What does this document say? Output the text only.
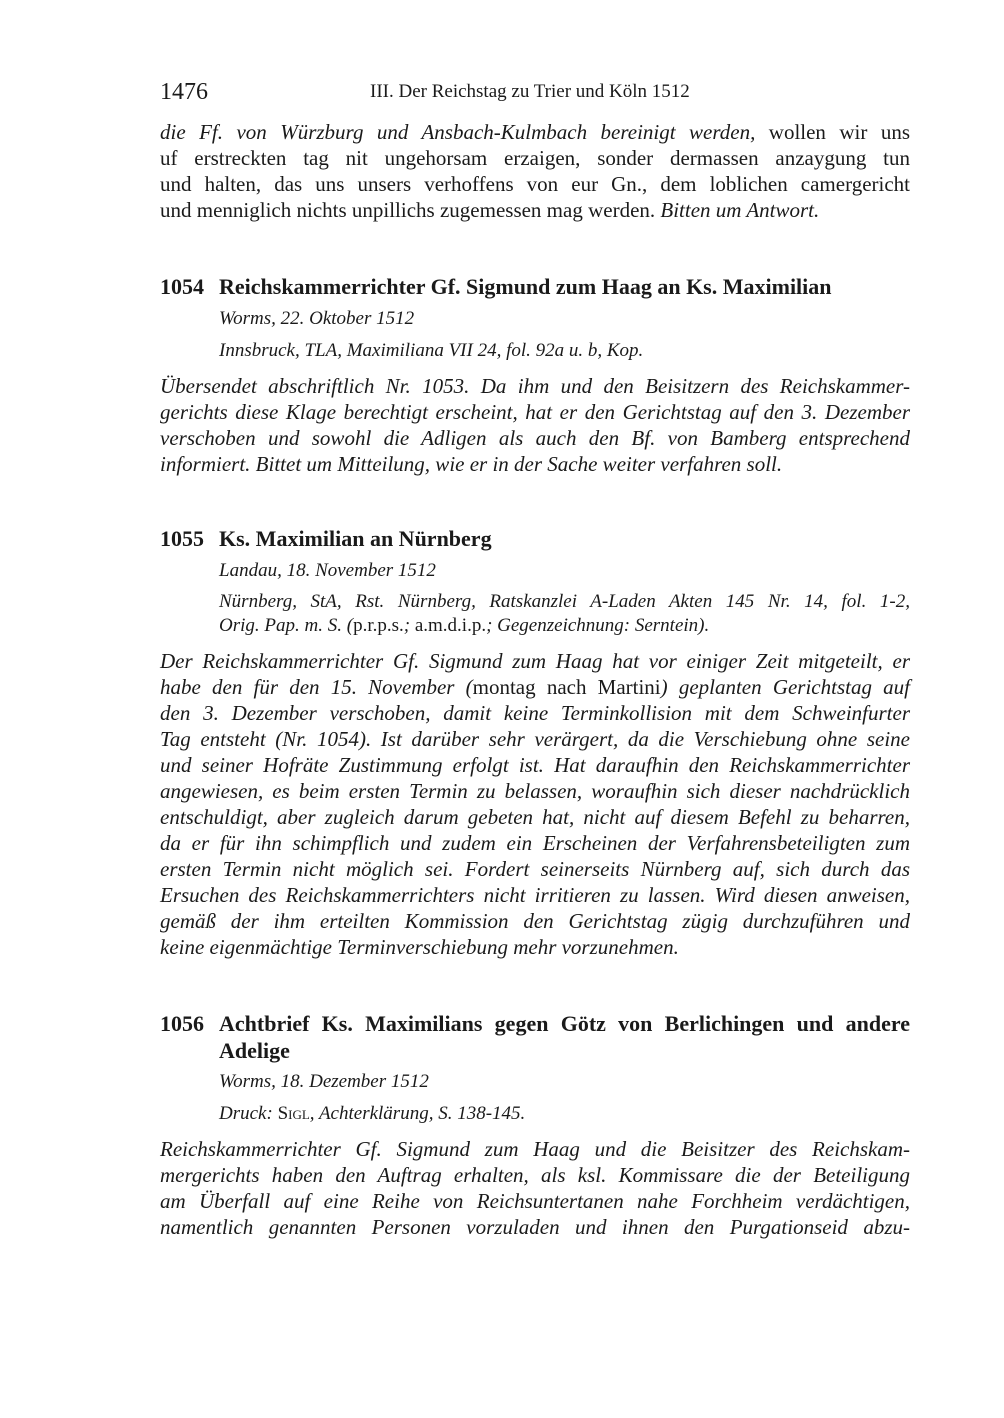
1476	III. Der Reichstag zu Trier und Köln 1512
die Ff. von Würzburg und Ansbach-Kulmbach bereinigt werden, wollen wir uns
uf erstreckten tag nit ungehorsam erzaigen, sonder dermassen anzaygung tun
und halten, das uns unsers verhoffens von eur Gn., dem loblichen camergericht
und menniglich nichts unpillichs zugemessen mag werden. Bitten um Antwort.
1054 Reichskammerrichter Gf. Sigmund zum Haag an Ks. Maximilian
Worms, 22. Oktober 1512
Innsbruck, TLA, Maximiliana VII 24, fol. 92a u. b, Kop.
Übersendet abschriftlich Nr. 1053. Da ihm und den Beisitzern des Reichskammer-
gerichts diese Klage berechtigt erscheint, hat er den Gerichtstag auf den 3. Dezember
verschoben und sowohl die Adligen als auch den Bf. von Bamberg entsprechend
informiert. Bittet um Mitteilung, wie er in der Sache weiter verfahren soll.
1055 Ks. Maximilian an Nürnberg
Landau, 18. November 1512
Nürnberg, StA, Rst. Nürnberg, Ratskanzlei A-Laden Akten 145 Nr. 14, fol. 1-2,
Orig. Pap. m. S. (p.r.p.s.; a.m.d.i.p.; Gegenzeichnung: Serntein).
Der Reichskammerrichter Gf. Sigmund zum Haag hat vor einiger Zeit mitgeteilt, er
habe den für den 15. November (montag nach Martini) geplanten Gerichtstag auf
den 3. Dezember verschoben, damit keine Terminkollision mit dem Schweinfurter
Tag entsteht (Nr. 1054). Ist darüber sehr verärgert, da die Verschiebung ohne seine
und seiner Hofräte Zustimmung erfolgt ist. Hat daraufhin den Reichskammerrichter
angewiesen, es beim ersten Termin zu belassen, woraufhin sich dieser nachdrücklich
entschuldigt, aber zugleich darum gebeten hat, nicht auf diesem Befehl zu beharren,
da er für ihn schimpflich und zudem ein Erscheinen der Verfahrensbeteiligten zum
ersten Termin nicht möglich sei. Fordert seinerseits Nürnberg auf, sich durch das
Ersuchen des Reichskammerrichters nicht irritieren zu lassen. Wird diesen anweisen,
gemäß der ihm erteilten Kommission den Gerichtstag zügig durchzuführen und
keine eigenmächtige Terminverschiebung mehr vorzunehmen.
1056 Achtbrief Ks. Maximilians gegen Götz von Berlichingen und andere
Adelige
Worms, 18. Dezember 1512
Druck: Sigl, Achterklärung, S. 138-145.
Reichskammerrichter Gf. Sigmund zum Haag und die Beisitzer des Reichskam-
mergerichts haben den Auftrag erhalten, als ksl. Kommissare die der Beteiligung
am Überfall auf eine Reihe von Reichsuntertanen nahe Forchheim verdächtigen,
namentlich genannten Personen vorzuladen und ihnen den Purgationseid abzu-
